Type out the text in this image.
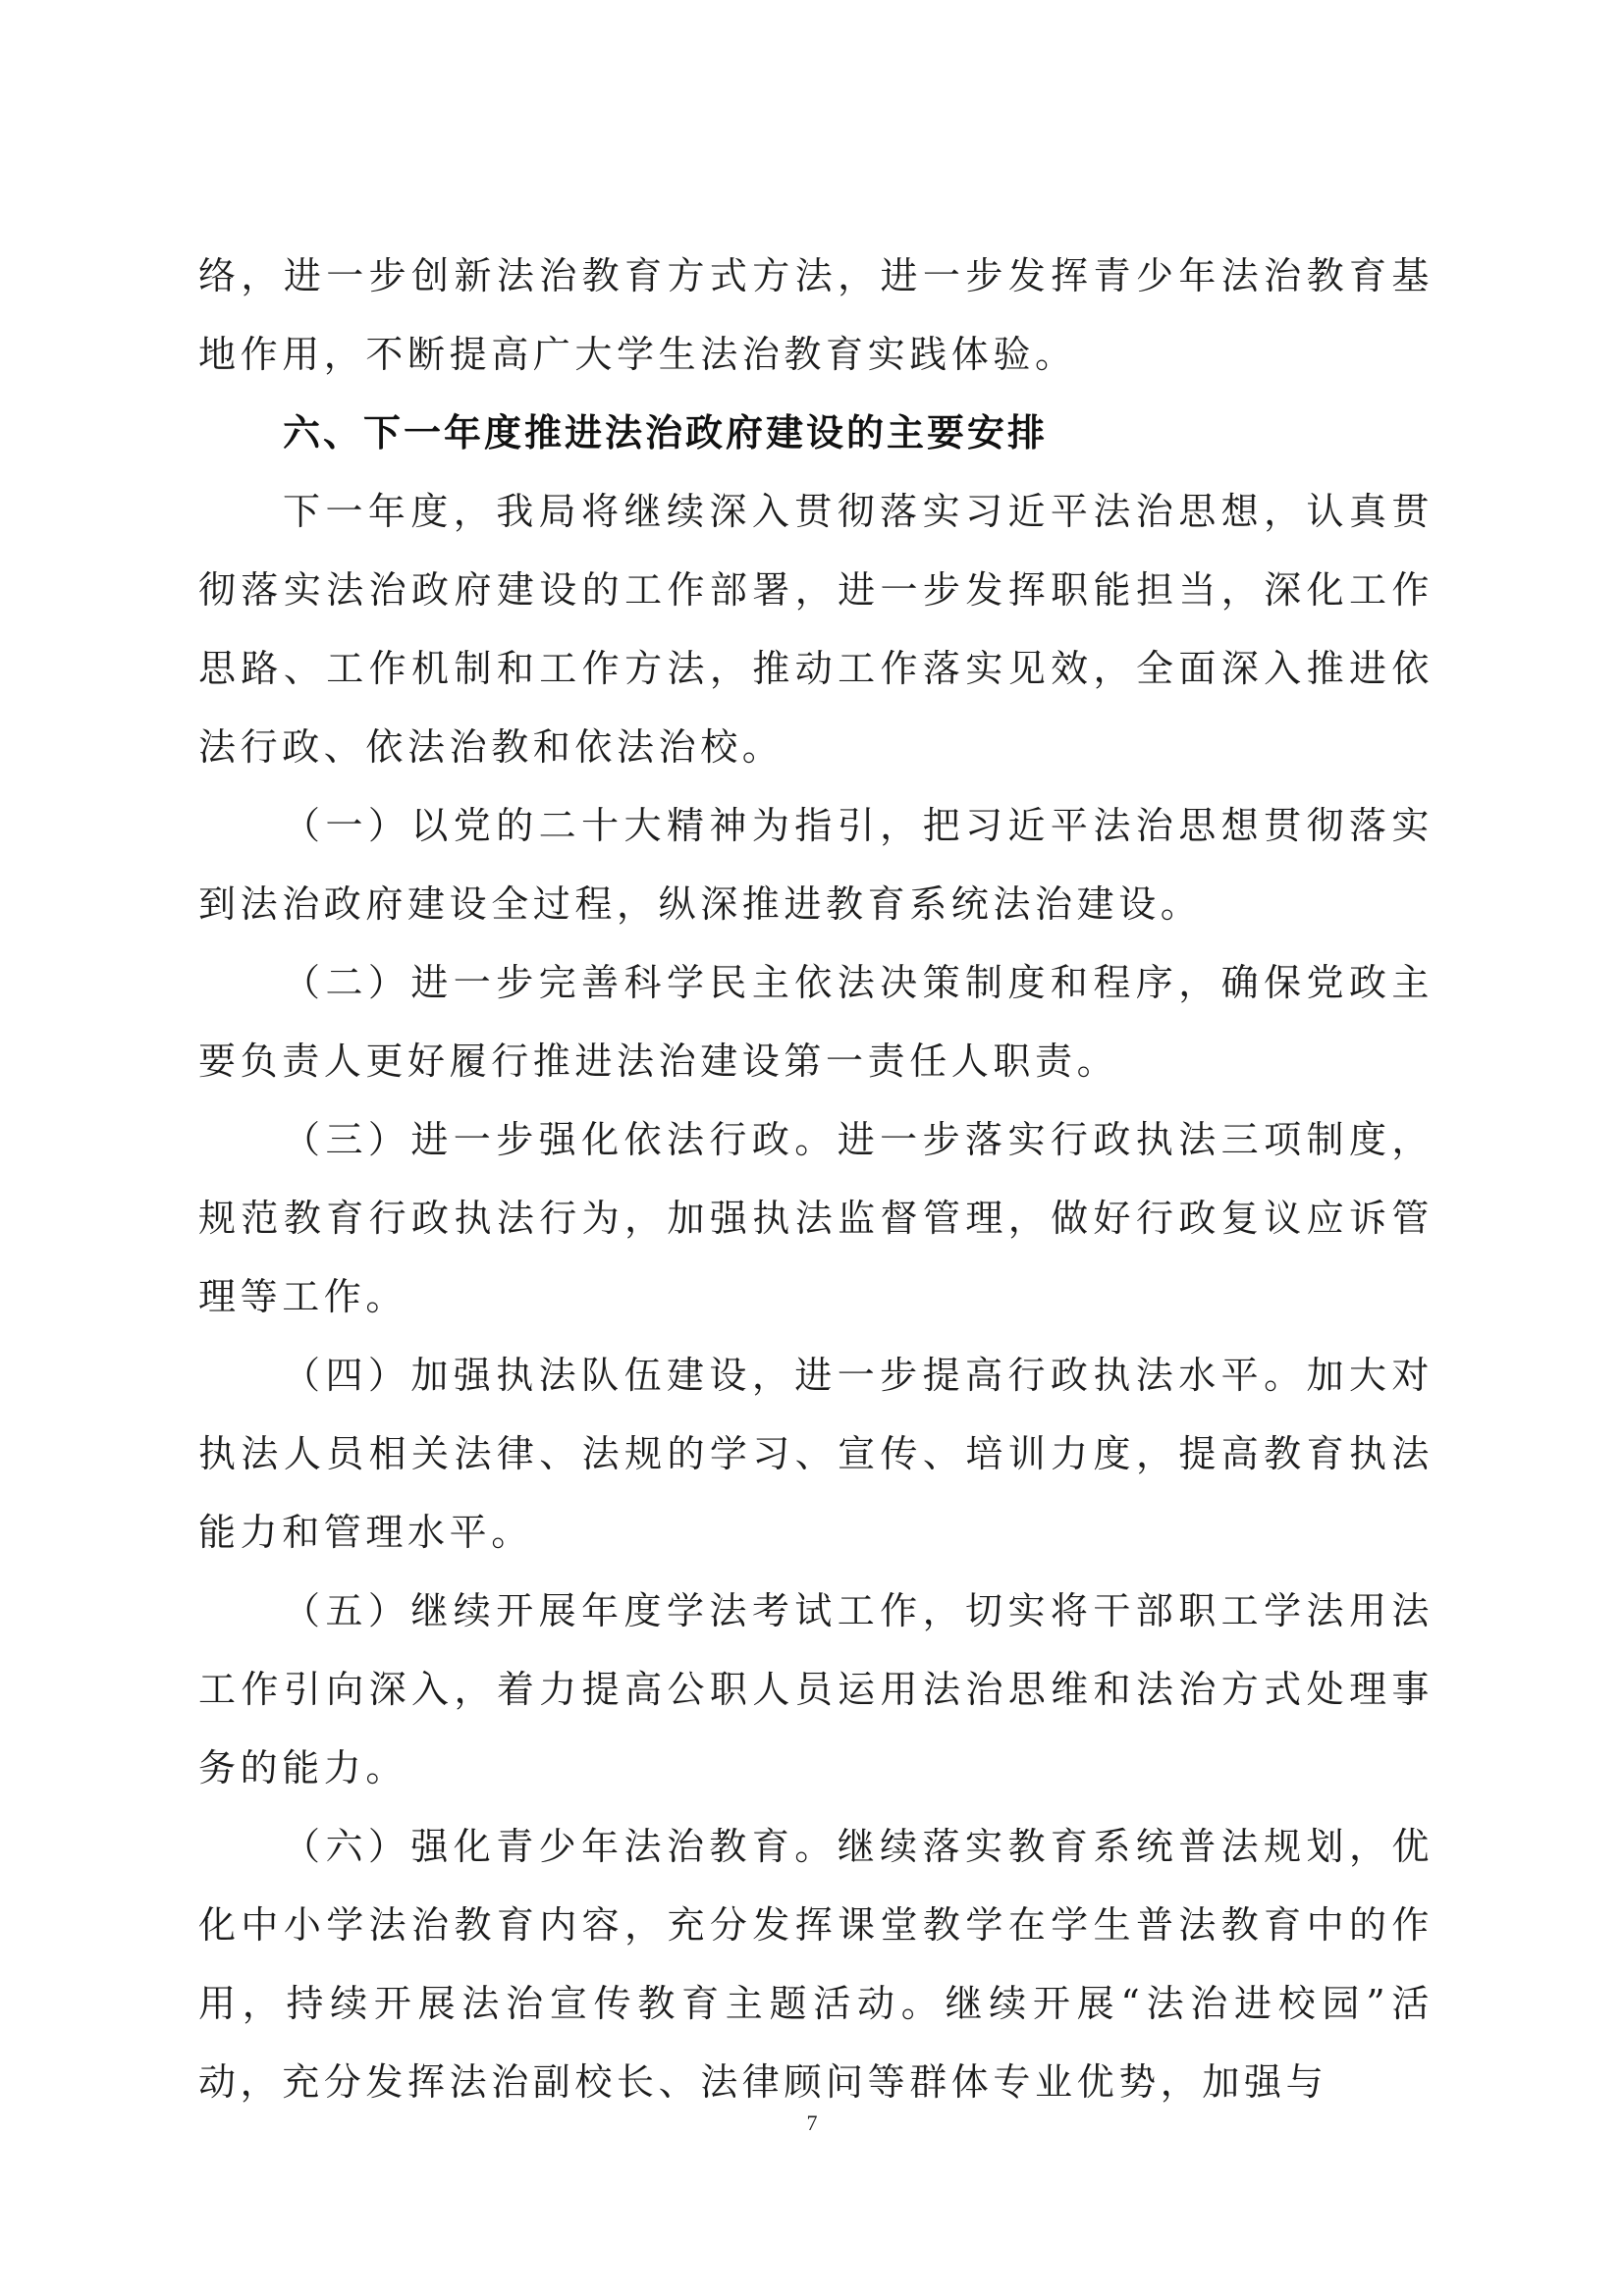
络，进一步创新法治教育方式方法，进一步发挥青少年法治教育基地作用，不断提高广大学生法治教育实践体验。

六、下一年度推进法治政府建设的主要安排

下一年度，我局将继续深入贯彻落实习近平法治思想，认真贯彻落实法治政府建设的工作部署，进一步发挥职能担当，深化工作思路、工作机制和工作方法，推动工作落实见效，全面深入推进依法行政、依法治教和依法治校。

（一）以党的二十大精神为指引，把习近平法治思想贯彻落实到法治政府建设全过程，纵深推进教育系统法治建设。

（二）进一步完善科学民主依法决策制度和程序，确保党政主要负责人更好履行推进法治建设第一责任人职责。

（三）进一步强化依法行政。进一步落实行政执法三项制度，规范教育行政执法行为，加强执法监督管理，做好行政复议应诉管理等工作。

（四）加强执法队伍建设，进一步提高行政执法水平。加大对执法人员相关法律、法规的学习、宣传、培训力度，提高教育执法能力和管理水平。

（五）继续开展年度学法考试工作，切实将干部职工学法用法工作引向深入，着力提高公职人员运用法治思维和法治方式处理事务的能力。

（六）强化青少年法治教育。继续落实教育系统普法规划，优化中小学法治教育内容，充分发挥课堂教学在学生普法教育中的作用，持续开展法治宣传教育主题活动。继续开展“法治进校园”活动，充分发挥法治副校长、法律顾问等群体专业优势，加强与

7
